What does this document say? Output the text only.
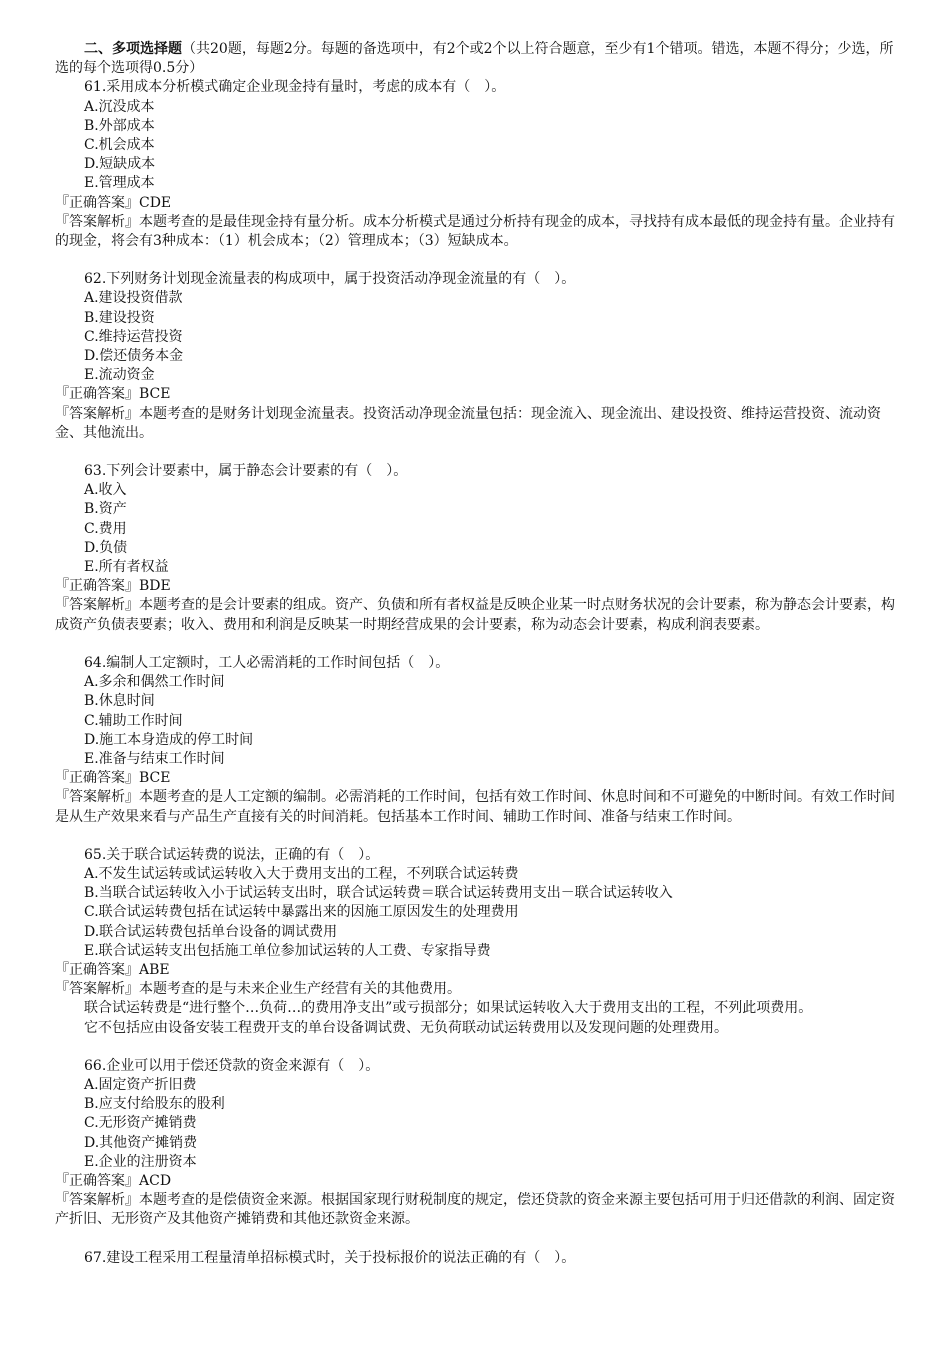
二、多项选择题（共20题，每题2分。每题的备选项中，有2个或2个以上符合题意，至少有1个错项。错选，本题不得分；少选，所选的每个选项得0.5分）
61.采用成本分析模式确定企业现金持有量时，考虑的成本有（　）。
A.沉没成本
B.外部成本
C.机会成本
D.短缺成本
E.管理成本
『正确答案』CDE
『答案解析』本题考查的是最佳现金持有量分析。成本分析模式是通过分析持有现金的成本，寻找持有成本最低的现金持有量。企业持有的现金，将会有3种成本：（1）机会成本；（2）管理成本；（3）短缺成本。
62.下列财务计划现金流量表的构成项中，属于投资活动净现金流量的有（　）。
A.建设投资借款
B.建设投资
C.维持运营投资
D.偿还债务本金
E.流动资金
『正确答案』BCE
『答案解析』本题考查的是财务计划现金流量表。投资活动净现金流量包括：现金流入、现金流出、建设投资、维持运营投资、流动资金、其他流出。
63.下列会计要素中，属于静态会计要素的有（　）。
A.收入
B.资产
C.费用
D.负债
E.所有者权益
『正确答案』BDE
『答案解析』本题考查的是会计要素的组成。资产、负债和所有者权益是反映企业某一时点财务状况的会计要素，称为静态会计要素，构成资产负债表要素；收入、费用和利润是反映某一时期经营成果的会计要素，称为动态会计要素，构成利润表要素。
64.编制人工定额时，工人必需消耗的工作时间包括（　）。
A.多余和偶然工作时间
B.休息时间
C.辅助工作时间
D.施工本身造成的停工时间
E.准备与结束工作时间
『正确答案』BCE
『答案解析』本题考查的是人工定额的编制。必需消耗的工作时间，包括有效工作时间、休息时间和不可避免的中断时间。有效工作时间是从生产效果来看与产品生产直接有关的时间消耗。包括基本工作时间、辅助工作时间、准备与结束工作时间。
65.关于联合试运转费的说法，正确的有（　）。
A.不发生试运转或试运转收入大于费用支出的工程，不列联合试运转费
B.当联合试运转收入小于试运转支出时，联合试运转费＝联合试运转费用支出－联合试运转收入
C.联合试运转费包括在试运转中暴露出来的因施工原因发生的处理费用
D.联合试运转费包括单台设备的调试费用
E.联合试运转支出包括施工单位参加试运转的人工费、专家指导费
『正确答案』ABE
『答案解析』本题考查的是与未来企业生产经营有关的其他费用。
联合试运转费是“进行整个…负荷…的费用净支出”或亏损部分；如果试运转收入大于费用支出的工程，不列此项费用。
它不包括应由设备安装工程费开支的单台设备调试费、无负荷联动试运转费用以及发现问题的处理费用。
66.企业可以用于偿还贷款的资金来源有（　）。
A.固定资产折旧费
B.应支付给股东的股利
C.无形资产摊销费
D.其他资产摊销费
E.企业的注册资本
『正确答案』ACD
『答案解析』本题考查的是偿债资金来源。根据国家现行财税制度的规定，偿还贷款的资金来源主要包括可用于归还借款的利润、固定资产折旧、无形资产及其他资产摊销费和其他还款资金来源。
67.建设工程采用工程量清单招标模式时，关于投标报价的说法正确的有（　）。
